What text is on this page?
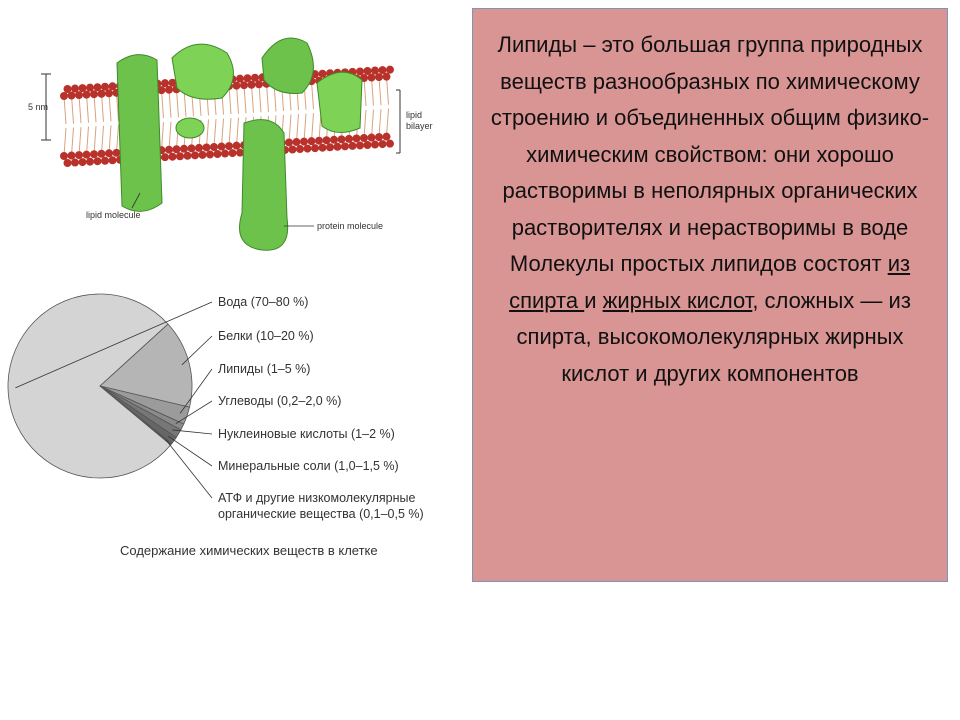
5 nm
lipid
bilayer
lipid molecule
protein molecule
Вода (70–80 %)
Белки (10–20 %)
Липиды (1–5 %)
Углеводы (0,2–2,0 %)
Нуклеиновые кислоты (1–2 %)
Минеральные соли (1,0–1,5 %)
АТФ и другие низкомолекулярные
органические вещества (0,1–0,5 %)
Содержание химических веществ в клетке

Липиды – это большая группа природных веществ разнообразных по химическому строению и объединенных общим физико-химическим свойством: они хорошо растворимы в неполярных органических растворителях и нерастворимы в воде

Молекулы простых липидов состоят из спирта и жирных кислот, сложных — из спирта, высокомолекулярных жирных кислот и других компонентов
